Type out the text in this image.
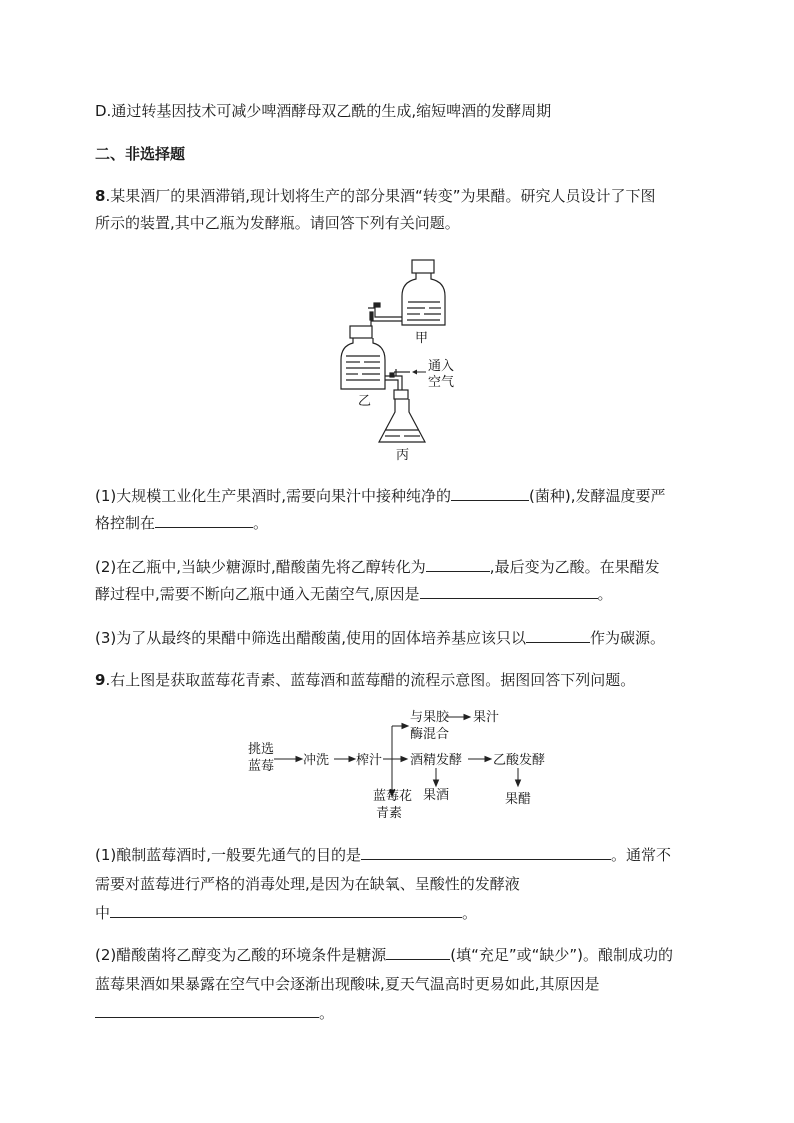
D.通过转基因技术可减少啤酒酵母双乙酰的生成,缩短啤酒的发酵周期
二、非选择题
8.某果酒厂的果酒滞销,现计划将生产的部分果酒“转变”为果醋。研究人员设计了下图
所示的装置,其中乙瓶为发酵瓶。请回答下列有关问题。
甲
乙
丙
通入
空气
(1)大规模工业化生产果酒时,需要向果汁中接种纯净的	(菌种),发酵温度要严
格控制在	。
(2)在乙瓶中,当缺少糖源时,醋酸菌先将乙醇转化为	,最后变为乙酸。在果醋发
酵过程中,需要不断向乙瓶中通入无菌空气,原因是	。
(3)为了从最终的果醋中筛选出醋酸菌,使用的固体培养基应该只以	作为碳源。
9.右上图是获取蓝莓花青素、蓝莓酒和蓝莓醋的流程示意图。据图回答下列问题。
挑选
蓝莓 冲洗 榨汁
与果胶
酶混合
果汁
酒精发酵 乙酸发酵
蓝莓花
青素
果酒	果醋
(1)酿制蓝莓酒时,一般要先通气的目的是	。通常不
需要对蓝莓进行严格的消毒处理,是因为在缺氧、呈酸性的发酵液
中	。
(2)醋酸菌将乙醇变为乙酸的环境条件是糖源	(填“充足”或“缺少”)。酿制成功的
蓝莓果酒如果暴露在空气中会逐渐出现酸味,夏天气温高时更易如此,其原因是
。
